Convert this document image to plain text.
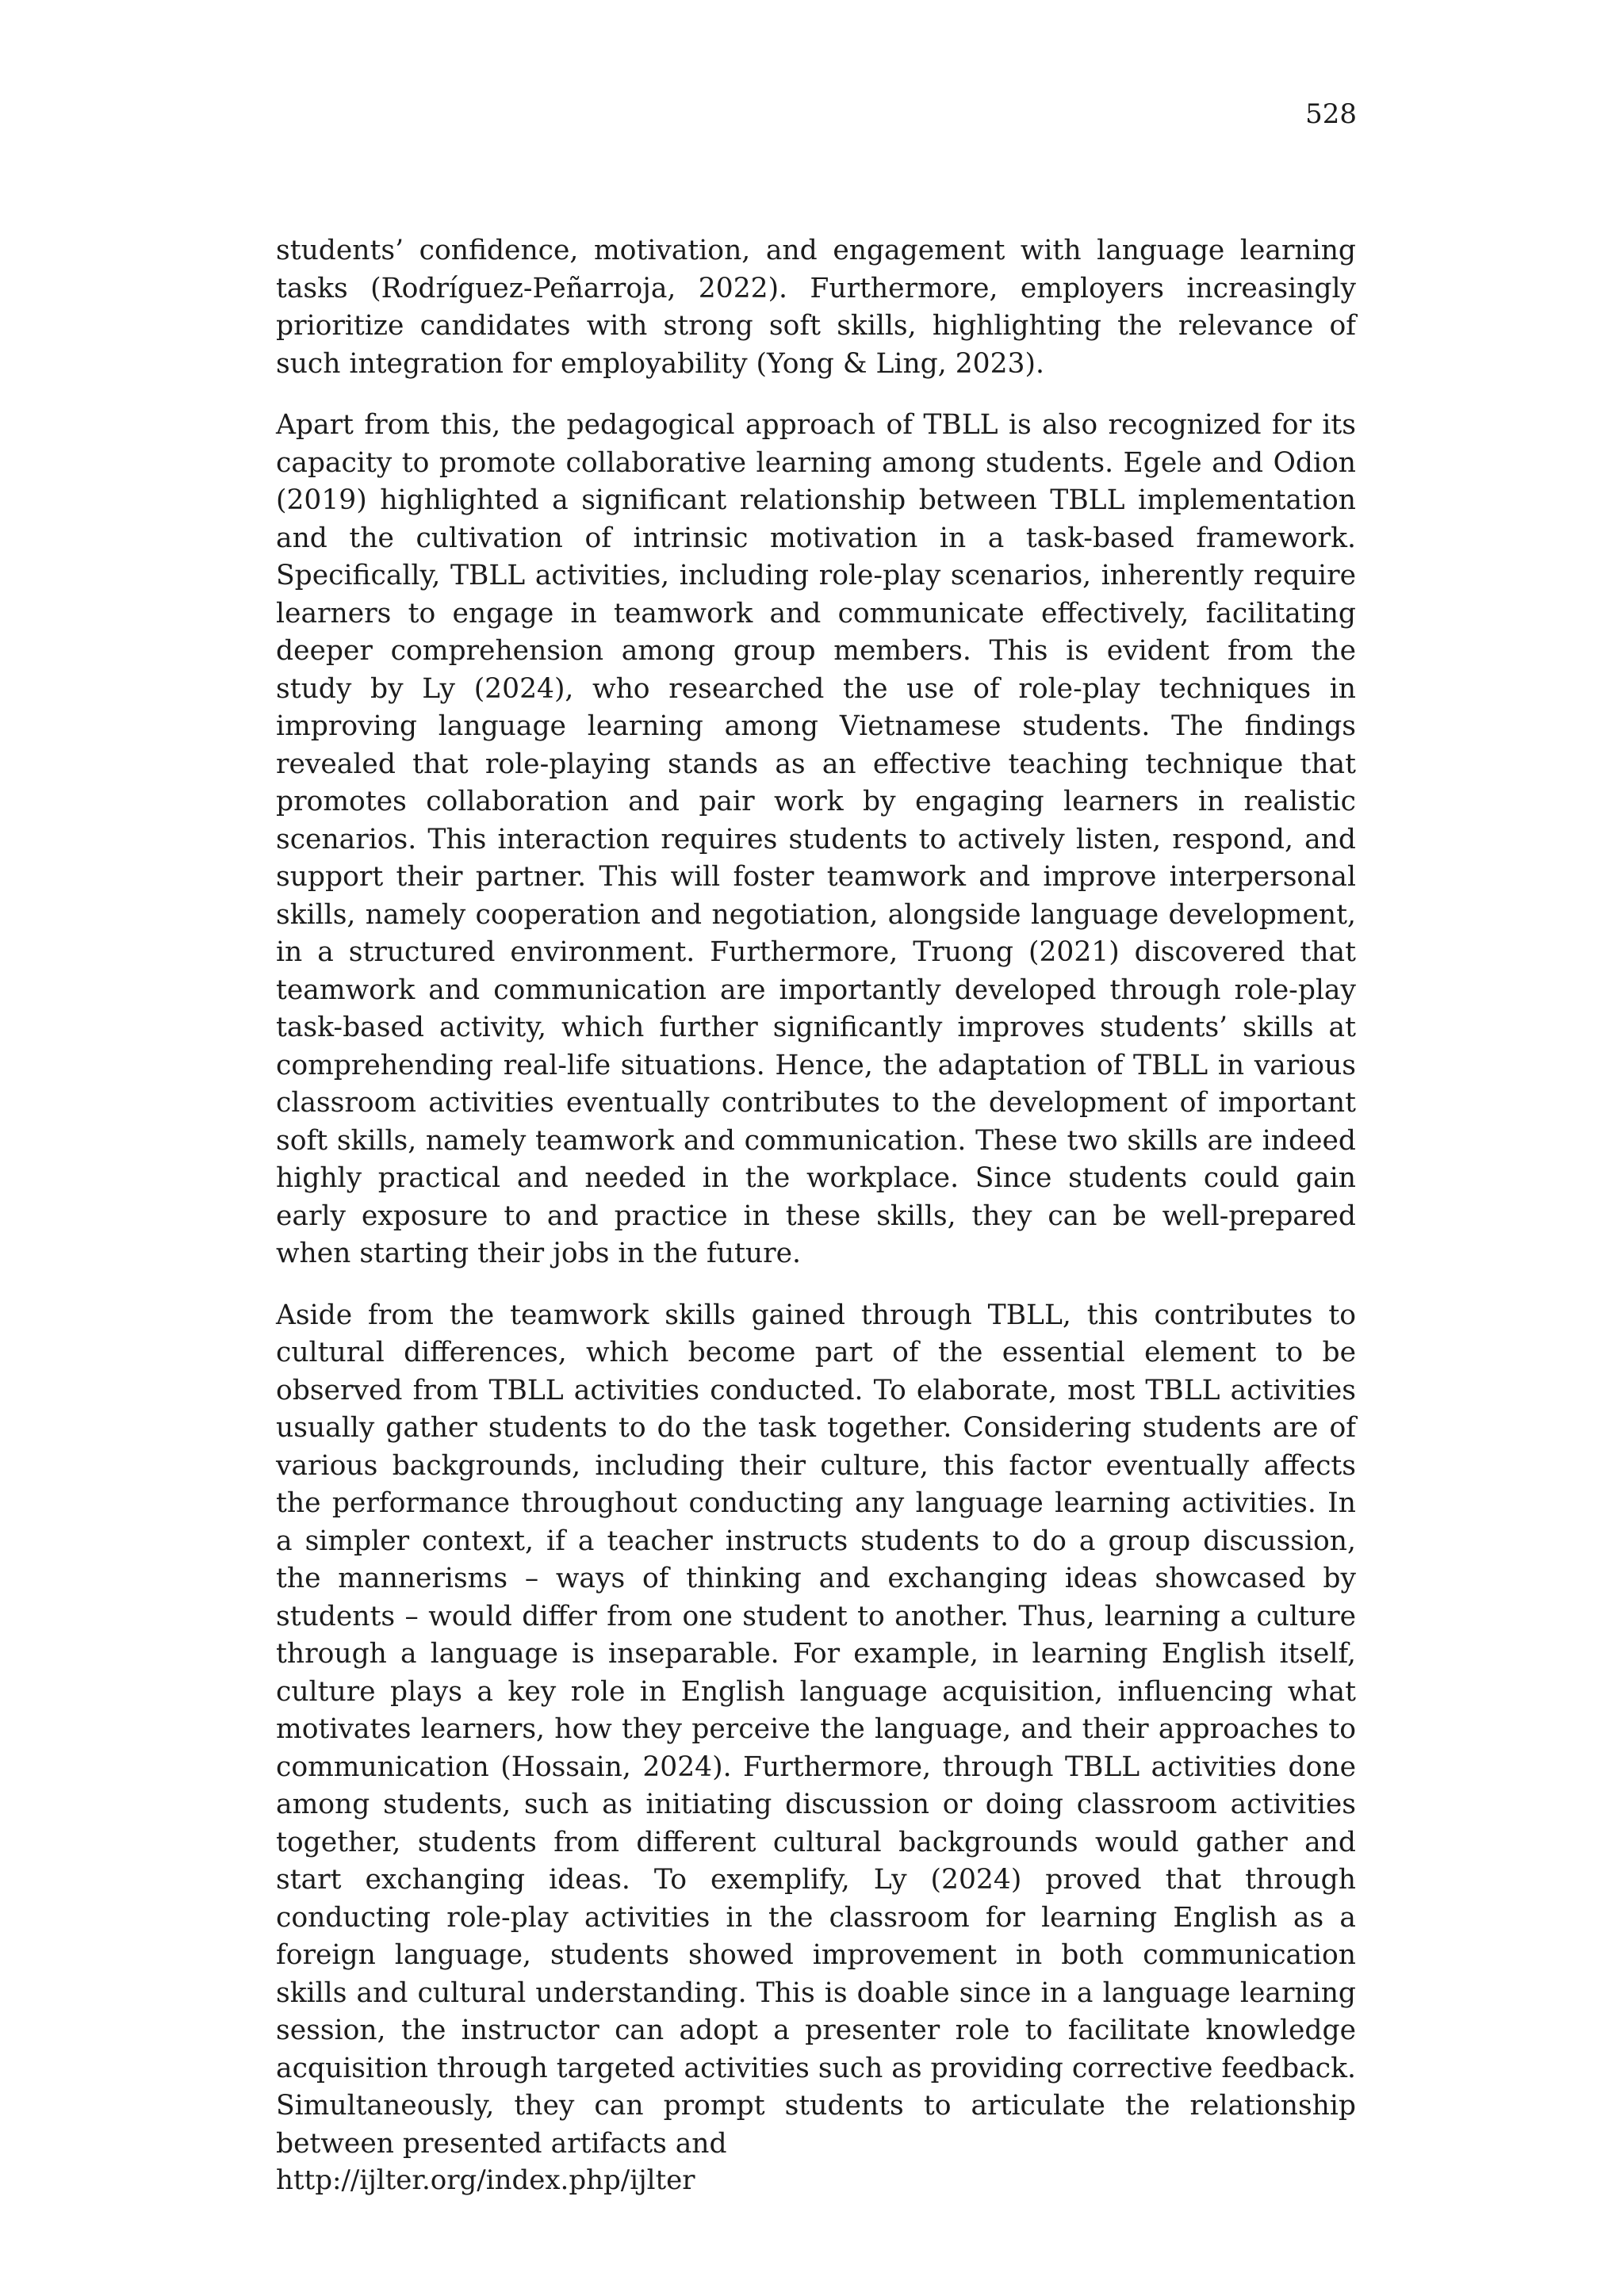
528

students’ confidence, motivation, and engagement with language learning tasks (Rodríguez-Peñarroja, 2022). Furthermore, employers increasingly prioritize candidates with strong soft skills, highlighting the relevance of such integration for employability (Yong & Ling, 2023).

Apart from this, the pedagogical approach of TBLL is also recognized for its capacity to promote collaborative learning among students. Egele and Odion (2019) highlighted a significant relationship between TBLL implementation and the cultivation of intrinsic motivation in a task-based framework. Specifically, TBLL activities, including role-play scenarios, inherently require learners to engage in teamwork and communicate effectively, facilitating deeper comprehension among group members. This is evident from the study by Ly (2024), who researched the use of role-play techniques in improving language learning among Vietnamese students. The findings revealed that role-playing stands as an effective teaching technique that promotes collaboration and pair work by engaging learners in realistic scenarios. This interaction requires students to actively listen, respond, and support their partner. This will foster teamwork and improve interpersonal skills, namely cooperation and negotiation, alongside language development, in a structured environment. Furthermore, Truong (2021) discovered that teamwork and communication are importantly developed through role-play task-based activity, which further significantly improves students’ skills at comprehending real-life situations. Hence, the adaptation of TBLL in various classroom activities eventually contributes to the development of important soft skills, namely teamwork and communication. These two skills are indeed highly practical and needed in the workplace. Since students could gain early exposure to and practice in these skills, they can be well-prepared when starting their jobs in the future.

Aside from the teamwork skills gained through TBLL, this contributes to cultural differences, which become part of the essential element to be observed from TBLL activities conducted. To elaborate, most TBLL activities usually gather students to do the task together. Considering students are of various backgrounds, including their culture, this factor eventually affects the performance throughout conducting any language learning activities. In a simpler context, if a teacher instructs students to do a group discussion, the mannerisms – ways of thinking and exchanging ideas showcased by students – would differ from one student to another. Thus, learning a culture through a language is inseparable. For example, in learning English itself, culture plays a key role in English language acquisition, influencing what motivates learners, how they perceive the language, and their approaches to communication (Hossain, 2024). Furthermore, through TBLL activities done among students, such as initiating discussion or doing classroom activities together, students from different cultural backgrounds would gather and start exchanging ideas. To exemplify, Ly (2024) proved that through conducting role-play activities in the classroom for learning English as a foreign language, students showed improvement in both communication skills and cultural understanding. This is doable since in a language learning session, the instructor can adopt a presenter role to facilitate knowledge acquisition through targeted activities such as providing corrective feedback. Simultaneously, they can prompt students to articulate the relationship between presented artifacts and

http://ijlter.org/index.php/ijlter
